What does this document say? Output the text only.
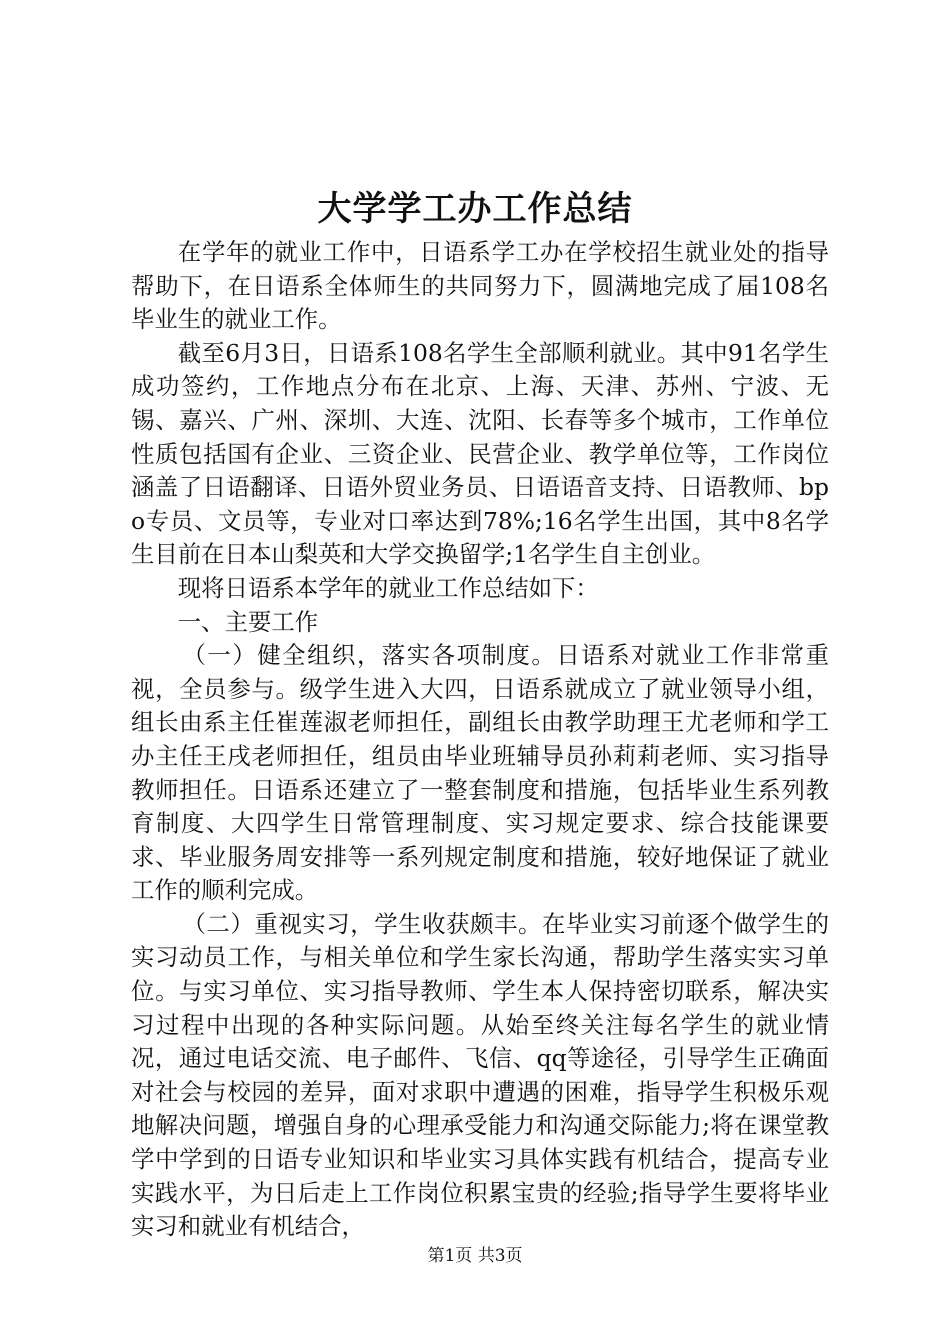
大学学工办工作总结

在学年的就业工作中，日语系学工办在学校招生就业处的指导帮助下，在日语系全体师生的共同努力下，圆满地完成了届108名毕业生的就业工作。

截至6月3日，日语系108名学生全部顺利就业。其中91名学生成功签约，工作地点分布在北京、上海、天津、苏州、宁波、无锡、嘉兴、广州、深圳、大连、沈阳、长春等多个城市，工作单位性质包括国有企业、三资企业、民营企业、教学单位等，工作岗位涵盖了日语翻译、日语外贸业务员、日语语音支持、日语教师、bpo专员、文员等，专业对口率达到78%;16名学生出国，其中8名学生目前在日本山梨英和大学交换留学;1名学生自主创业。

现将日语系本学年的就业工作总结如下：

一、主要工作

（一）健全组织，落实各项制度。日语系对就业工作非常重视，全员参与。级学生进入大四，日语系就成立了就业领导小组，组长由系主任崔莲淑老师担任，副组长由教学助理王尤老师和学工办主任王戌老师担任，组员由毕业班辅导员孙莉莉老师、实习指导教师担任。日语系还建立了一整套制度和措施，包括毕业生系列教育制度、大四学生日常管理制度、实习规定要求、综合技能课要求、毕业服务周安排等一系列规定制度和措施，较好地保证了就业工作的顺利完成。

（二）重视实习，学生收获颇丰。在毕业实习前逐个做学生的实习动员工作，与相关单位和学生家长沟通，帮助学生落实实习单位。与实习单位、实习指导教师、学生本人保持密切联系，解决实习过程中出现的各种实际问题。从始至终关注每名学生的就业情况，通过电话交流、电子邮件、飞信、qq等途径，引导学生正确面对社会与校园的差异，面对求职中遭遇的困难，指导学生积极乐观地解决问题，增强自身的心理承受能力和沟通交际能力;将在课堂教学中学到的日语专业知识和毕业实习具体实践有机结合，提高专业实践水平，为日后走上工作岗位积累宝贵的经验;指导学生要将毕业实习和就业有机结合，

第1页 共3页
